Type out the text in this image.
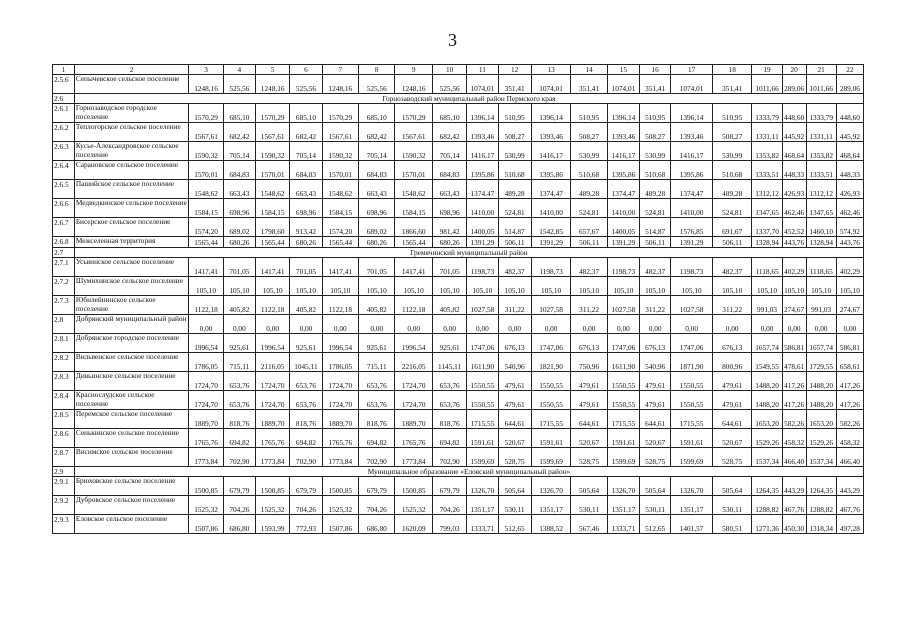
3
1	2	3	4	5	6	7	8	9	10	11	12	13	14	15	16	17	18	19	20	21	22
2.5.6	Сепычевское сельское поселение	1248,16	525,56	1248,16	525,56	1248,16	525,56	1248,16	525,56	1074,01	351,41	1074,01	351,41	1074,01	351,41	1074,01	351,41	1011,66	289,06	1011,66	289,06
2.6	Горнозаводский муниципальный район Пермского края																				
2.6.1	Горнозаводское городское поселение	1570,29	685,10	1570,29	685,10	1570,29	685,10	1570,29	685,10	1396,14	510,95	1396,14	510,95	1396,14	510,95	1396,14	510,95	1333,79	448,60	1333,79	448,60
2.6.2	Теплогорское сельское поселение	1567,61	682,42	1567,61	682,42	1567,61	682,42	1567,61	682,42	1393,46	508,27	1393,46	508,27	1393,46	508,27	1393,46	508,27	1331,11	445,92	1331,11	445,92
2.6.3	Кусье-Александровское сельское поселение	1590,32	705,14	1590,32	705,14	1590,32	705,14	1590,32	705,14	1416,17	530,99	1416,17	530,99	1416,17	530,99	1416,17	530,99	1353,82	468,64	1353,82	468,64
2.6.4	Сарановское сельское поселение	1570,01	684,83	1570,01	684,83	1570,01	684,83	1570,01	684,83	1395,86	510,68	1395,86	510,68	1395,86	510,68	1395,86	510,68	1333,51	448,33	1333,51	448,33
2.6.5	Пашийское сельское поселение	1548,62	663,43	1548,62	663,43	1548,62	663,43	1548,62	663,43	1374,47	489,28	1374,47	489,28	1374,47	489,28	1374,47	489,28	1312,12	426,93	1312,12	426,93
2.6.6	Медведкинское сельское поселение	1584,15	698,96	1584,15	698,96	1584,15	698,96	1584,15	698,96	1410,00	524,81	1410,00	524,81	1410,00	524,81	1410,00	524,81	1347,65	462,46	1347,65	462,46
2.6.7	Бисерское сельское поселение	1574,20	689,02	1798,60	913,42	1574,20	689,02	1866,60	981,42	1400,05	514,87	1542,85	657,67	1400,05	514,87	1576,85	691,67	1337,70	452,52	1460,10	574,92
2.6.8	Межселенная территория	1565,44	680,26	1565,44	680,26	1565,44	680,26	1565,44	680,26	1391,29	506,11	1391,29	506,11	1391,29	506,11	1391,29	506,11	1328,94	443,76	1328,94	443,76
2.7	Гремячинский муниципальный район																				
2.7.1	Усьвинское сельское поселение	1417,41	701,05	1417,41	701,05	1417,41	701,05	1417,41	701,05	1198,73	482,37	1198,73	482,37	1198,73	482,37	1198,73	482,37	1118,65	402,29	1118,65	402,29
2.7.2	Шумихинское сельское поселение	105,10	105,10	105,10	105,10	105,10	105,10	105,10	105,10	105,10	105,10	105,10	105,10	105,10	105,10	105,10	105,10	105,10	105,10	105,10	105,10
2.7.3	Юбилейнинское сельское поселение	1122,18	405,82	1122,18	405,82	1122,18	405,82	1122,18	405,82	1027,58	311,22	1027,58	311,22	1027,58	311,22	1027,58	311,22	991,03	274,67	991,03	274,67
2.8	Добрянский муниципальный район	0,00	0,00	0,00	0,00	0,00	0,00	0,00	0,00	0,00	0,00	0,00	0,00	0,00	0,00	0,00	0,00	0,00	0,00	0,00	0,00
2.8.1	Добрянское городское поселение	1996,54	925,61	1996,54	925,61	1996,54	925,61	1996,54	925,61	1747,06	676,13	1747,06	676,13	1747,06	676,13	1747,06	676,13	1657,74	586,81	1657,74	586,81
2.8.2	Вильвенское сельское поселение	1786,05	715,11	2116,05	1045,11	1786,05	715,11	2216,05	1145,11	1611,90	540,96	1821,90	750,96	1611,90	540,96	1871,90	800,96	1549,55	478,61	1729,55	658,61
2.8.3	Дивьинское сельское поселение	1724,70	653,76	1724,70	653,76	1724,70	653,76	1724,70	653,76	1550,55	479,61	1550,55	479,61	1550,55	479,61	1550,55	479,61	1488,20	417,26	1488,20	417,26
2.8.4	Краснослудское сельское поселение	1724,70	653,76	1724,70	653,76	1724,70	653,76	1724,70	653,76	1550,55	479,61	1550,55	479,61	1550,55	479,61	1550,55	479,61	1488,20	417,26	1488,20	417,26
2.8.5	Перемское сельское поселение	1889,70	818,76	1889,70	818,76	1889,70	818,76	1889,70	818,76	1715,55	644,61	1715,55	644,61	1715,55	644,61	1715,55	644,61	1653,20	582,26	1653,20	582,26
2.8.6	Сенькинское сельское поселение	1765,76	694,82	1765,76	694,82	1765,76	694,82	1765,76	694,82	1591,61	520,67	1591,61	520,67	1591,61	520,67	1591,61	520,67	1529,26	458,32	1529,26	458,32
2.8.7	Висимское сельское поселение	1773,84	702,90	1773,84	702,90	1773,84	702,90	1773,84	702,90	1599,69	528,75	1599,69	528,75	1599,69	528,75	1599,69	528,75	1537,34	466,40	1537,34	466,40
2.9	Муниципальное образование «Еловский муниципальный район»																				
2.9.1	Брюховское сельское поселение	1500,85	679,79	1500,85	679,79	1500,85	679,79	1500,85	679,79	1326,70	505,64	1326,70	505,64	1326,70	505,64	1326,70	505,64	1264,35	443,29	1264,35	443,29
2.9.2	Дубровское сельское поселение	1525,32	704,26	1525,32	704,26	1525,32	704,26	1525,32	704,26	1351,17	530,11	1351,17	530,11	1351,17	530,11	1351,17	530,11	1288,82	467,76	1288,82	467,76
2.9.3	Еловское сельское поселение	1507,86	686,80	1593,99	772,93	1507,86	686,80	1620,09	799,03	1333,71	512,65	1388,52	567,46	1333,71	512,65	1401,57	580,51	1271,36	450,30	1318,34	497,28
